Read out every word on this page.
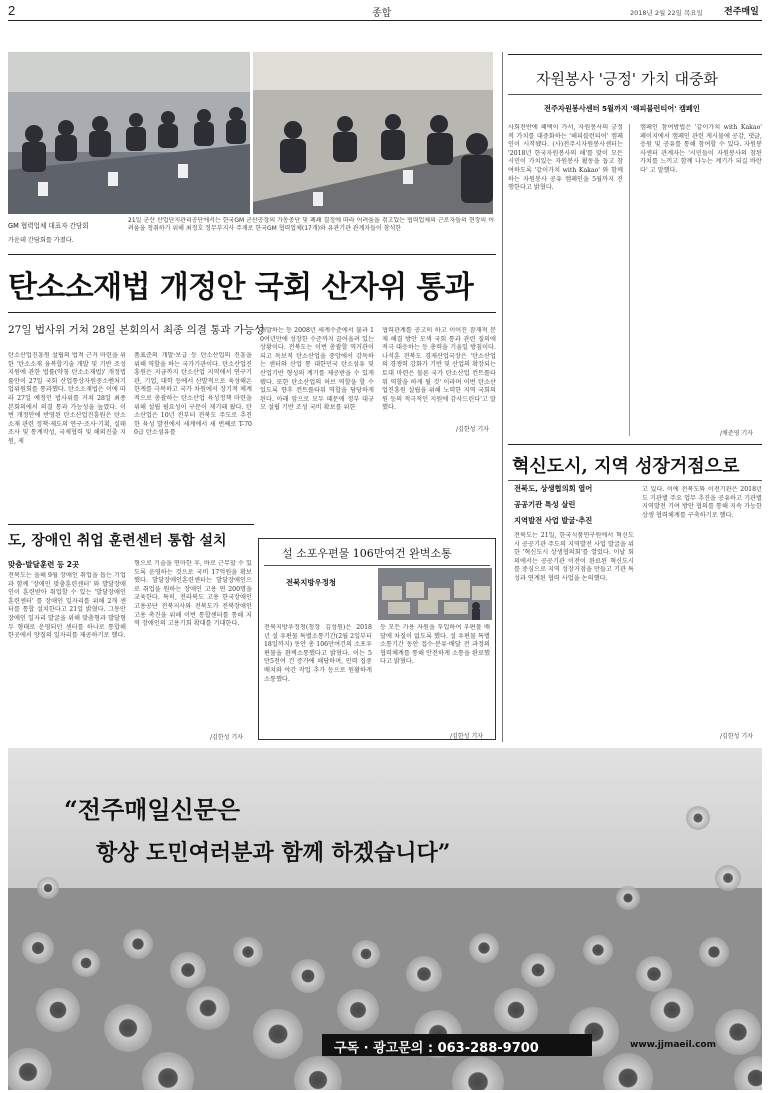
2	종합	2018년 2월 22일 목요일 전주매일
GM 협력업체 대표자 간담회
가운데 간담회를 가졌다.
21일 군산 산업단지관리공단에서는 한국GM 군산공장의 가동중단 및 폐쇄 결정에 따라 어려움을 겪고있는 협력업체의 근로자들의 현장의 어려움을 청취하기 위해 최정호 정무부지사 주재로 한국GM 협력업체(17개)와 유관기관 관계자들이 참석한
탄소소재법 개정안 국회 산자위 통과
27일 법사위 거쳐 28일 본회의서 최종 의결 통과 가능성
탄소산업진흥원 설립의 법적 근거 마련을 위한 '탄소소재 융복합기술 개발 및 기반 조성 지원에 관한 법률(약칭 탄소소재법)' 개정법률안이 27일 국회 산업통상자원중소벤처기업위원회를 통과했다. 탄소소재법은 이에 따라 27일 예정인 법사위를 거쳐 28일 최종 본회의에서 의결 통과 가능성을 높였다. 이번 개정안에 반영된 탄소산업진흥원은 탄소소재 관련 정책·제도의 연구·조사·기획, 실태조사 및 통계작성, 국제협력 및 해외진출 지원, 제
품표준의 개발·보급 등 탄소산업의 진흥을 위해 역할을 하는 국가기관이다. 탄소산업진흥원은 지금까지 탄소산업 지역에서 연구기관, 기업, 대학 등에서 산발적으로 육성해온 한계를 극복하고 국가 차원에서 장기적 체계적으로 총괄하는 탄소산업 육성정책 마련을 위해 설립 필요성이 구문이 제기돼 왔다. 탄소산업은 10년 전부터 전북도 주도로 추진한 육성 발전에서 세계에서 세 번째로 T-700급 탄소섬유를
개발하는 등 2008년 세계수준에서 불과 10여년만에 성장한 수준까지 끌어올려 있는 상황이다. 전북도는 이번 총괄할 역거관이 되고 독보적 탄소산업을 중앙에서 감독하는 센터와 산업 통 대한민국 탄소섬유 및 산업기반 형성의 계기를 제공받을 수 있게 됐다. 또한 탄소산업의 허브 역할을 할 수 있도록 향후 컨트롤타워 역할을 담당하게 된다. 아래 앞으로 모두 때문에 정부 대규모 설립 기반 조성 국비 확보를 위한
협력관계를 공고히 하고 이어진 잠재적 문제 해결 방안 모색 국회 통과 관련 질의에 적극 대응하는 등 총력을 기울일 방침이다. 나석훈 전북도 경제산업국장은 '탄소산업의 경쟁력 강화가 기반 및 산업의 확장되는 토대 마련은 물론 국가 탄소산업 컨트롤타워 역할을 하게 될 것' 이라며 이번 탄소산업진흥원 설립을 위해 노력한 지역 국회의원 등의 적극적인 지원에 감사드린다'고 말했다.
/김한성 기자
도, 장애인 취업 훈련센터 통합 설치
맞춤·발달훈련 등 2곳
전북도는 올해 9월 장애인 취업을 돕는 기업과 함께 '장애인 맞춤훈련센터' 와 발달장애인이 훈련받아 취업할 수 있는 '발달장애인훈련센터' 를 장애인 일자리를 위해 2개 센터를 통합 설치한다고 21일 밝혔다. 그동안 장애인 일자리 발굴을 위해 맞춤형과 발달형 두 형태로 운영되던 센터를 하나로 통합해 한곳에서 양질의 일자리를 제공하기로 했다.
형으로 기술을 연마한 후, 바로 근무할 수 있도록 운영하는 것으로 국비 17억원을 확보했다. 발달장애인훈련센터는 발달장애인으로 취업을 원하는 장애인 고용 연 200명을 교육한다. 특히, 전라북도 고용 한국장애인고용공단 전북지사와 전북도가 전북장애인고용 촉진을 위해 이번 통합센터를 통해 지역 장애인의 고용기회 확대를 기대한다.
/김한성 기자
설 소포우편물 106만여건 완벽소통
전북지방우정청
전북지방우정청(청장 김성원)은 2018년 설 우편물 특별소통기간(2월 2일부터 18일까지) 동안 총 106만여건의 소포우편물을 완벽소통했다고 밝혔다. 이는 5만5천여 건 증가에 해당하며, 인력 집중 배치와 야간 작업 추가 등으로 원활하게 소통했다.
등 모든 가용 자원을 투입하여 우편물 배달에 차질이 없도록 했다. 설 우편물 특별소통기간 동안 접수·분류·배달 전 과정의 협력체계를 통해 안전하게 소통을 완료했다고 밝혔다.
/김한성 기자
자원봉사 '긍정' 가치 대중화
전주자원봉사센터 5월까지 '해피블런티어' 캠페인
사회전반에 혜택이 가서, 자원봉사의 긍정적 가치를 대중화하는 '해피블런티어' 캠페인이 시작됐다. (사)전주시자원봉사센터는 '2018년 한국자원봉사의 해'를 맞이 모든 시민이 가치있는 자원봉사 활동을 돕고 참여하도록 '같이가치 with Kakao' 와 함께하는 자원봉사 공유 캠페인을 5월까지 진행한다고 밝혔다.
캠페인 참여방법은 '같이가치 with Kakao' 페이지에서 캠페인 관련 게시물에 공감, 댓글, 응원 및 공유를 통해 참여할 수 있다. 자원봉사센터 관계자는 '시민들이 자원봉사의 참된 가치를 느끼고 함께 나누는 계기가 되길 바란다' 고 말했다.
/채준영 기자
혁신도시, 지역 성장거점으로
전북도, 상생협의회 열어
공공기관 특성 살린
지역발전 사업 발굴·추진
전북도는 21일, 한국식품연구원에서 혁신도시 공공기관 주도의 지역발전 사업 발굴을 위한 '혁신도시 상생협의회'를 열었다. 이날 회의에서는 공공기관 이전이 완료된 혁신도시를 중심으로 지역 성장거점을 만들고 기관 특성과 연계된 협력 사업을 논의했다.
고 있다. 이에 전북도와 이전기관은 2018년도 기관별 주요 업무 추진을 공유하고 기관별 지역발전 기여 방안 협의를 통해 지속 가능한 상생 협력체계를 구축하기로 했다.
/김한성 기자
“전주매일신문은
항상 도민여러분과 함께 하겠습니다”
구독 · 광고문의 : 063-288-9700	www.jjmaeil.com
